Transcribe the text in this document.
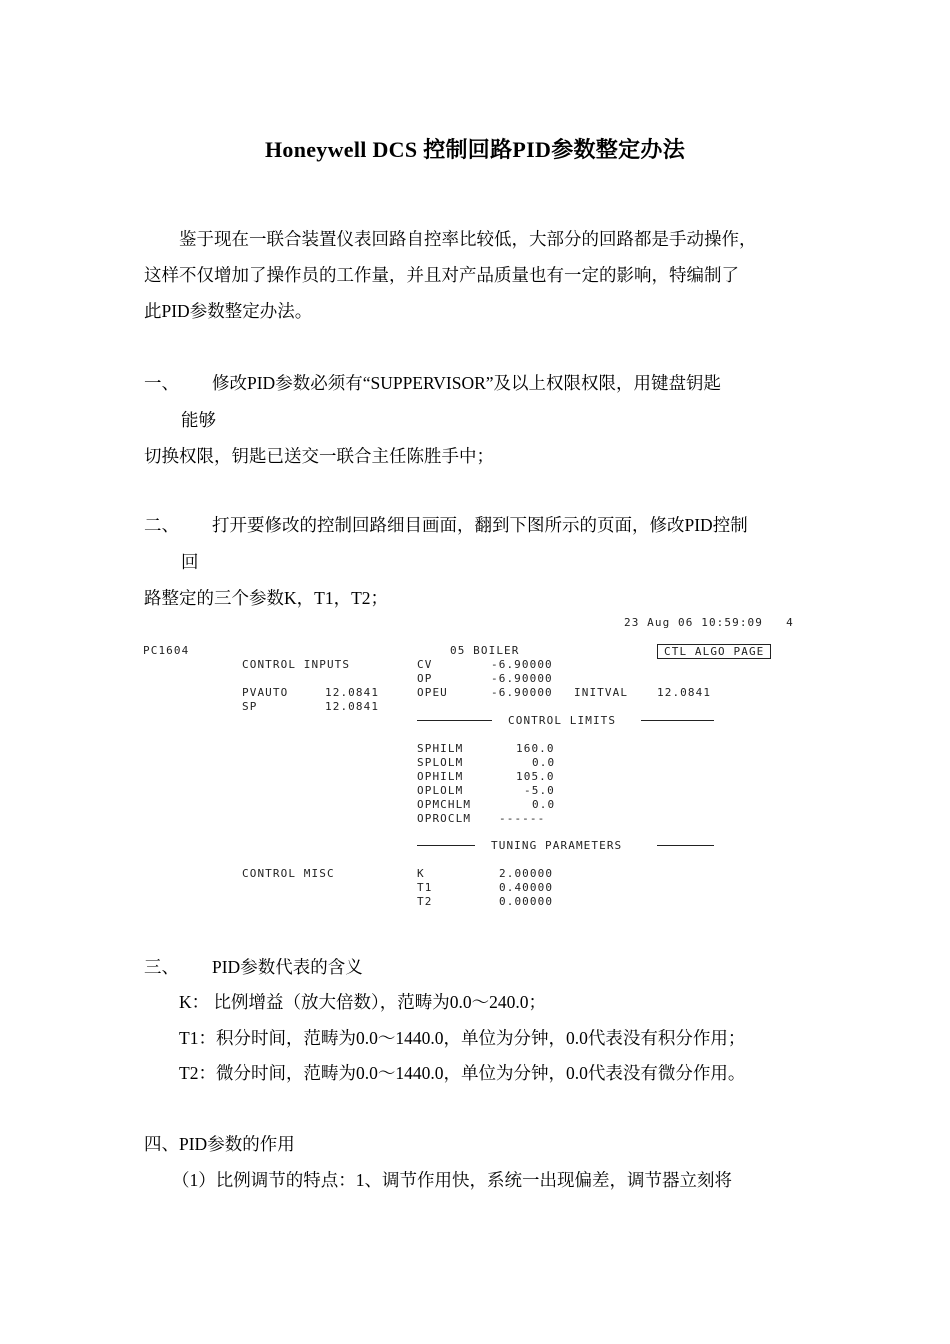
Honeywell DCS 控制回路PID参数整定办法
鉴于现在一联合装置仪表回路自控率比较低，大部分的回路都是手动操作，
这样不仅增加了操作员的工作量，并且对产品质量也有一定的影响，特编制了
此PID参数整定办法。
一、 修改PID参数必须有“SUPPERVISOR”及以上权限权限，用键盘钥匙
能够
切换权限，钥匙已送交一联合主任陈胜手中；
二、 打开要修改的控制回路细目画面，翻到下图所示的页面，修改PID控制
回
路整定的三个参数K，T1，T2；
23 Aug 06 10:59:09   4
PC1604	05 BOILER	CTL ALGO PAGE
CONTROL INPUTS	CV	-6.90000
OP	-6.90000
PVAUTO	12.0841	OPEU	-6.90000 INITVAL	12.0841
SP	12.0841
CONTROL LIMITS
SPHILM	160.0
SPLOLM	0.0
OPHILM	105.0
OPLOLM	-5.0
OPMCHLM	0.0
OPROCLM	------
TUNING PARAMETERS
CONTROL MISC	K	2.00000
T1	0.40000
T2	0.00000
三、 PID参数代表的含义
K： 比例增益（放大倍数），范畴为0.0～240.0；
T1：积分时间，范畴为0.0～1440.0，单位为分钟，0.0代表没有积分作用；
T2：微分时间，范畴为0.0～1440.0，单位为分钟，0.0代表没有微分作用。
四、PID参数的作用
（1）比例调节的特点：1、调节作用快，系统一出现偏差，调节器立刻将
